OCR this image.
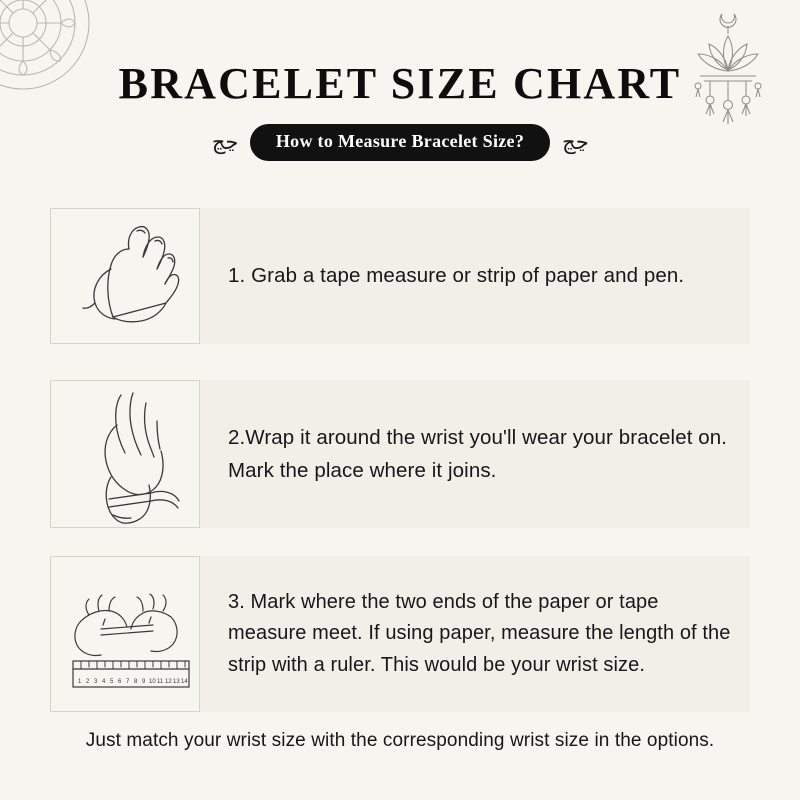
BRACELET SIZE CHART
ڃڃ	How to Measure Bracelet Size?	ڃڃ
1. Grab a tape measure or strip of paper and pen.
2.Wrap it around the wrist you'll wear your bracelet on. Mark the place where it joins.
1 2 3 4 5 6 7 8 9 10 11 12 13 14
3. Mark where the two ends of the paper or tape measure meet. If using paper, measure the length of the strip with a ruler. This would be your wrist size.
Just match your wrist size with the corresponding wrist size in the options.
